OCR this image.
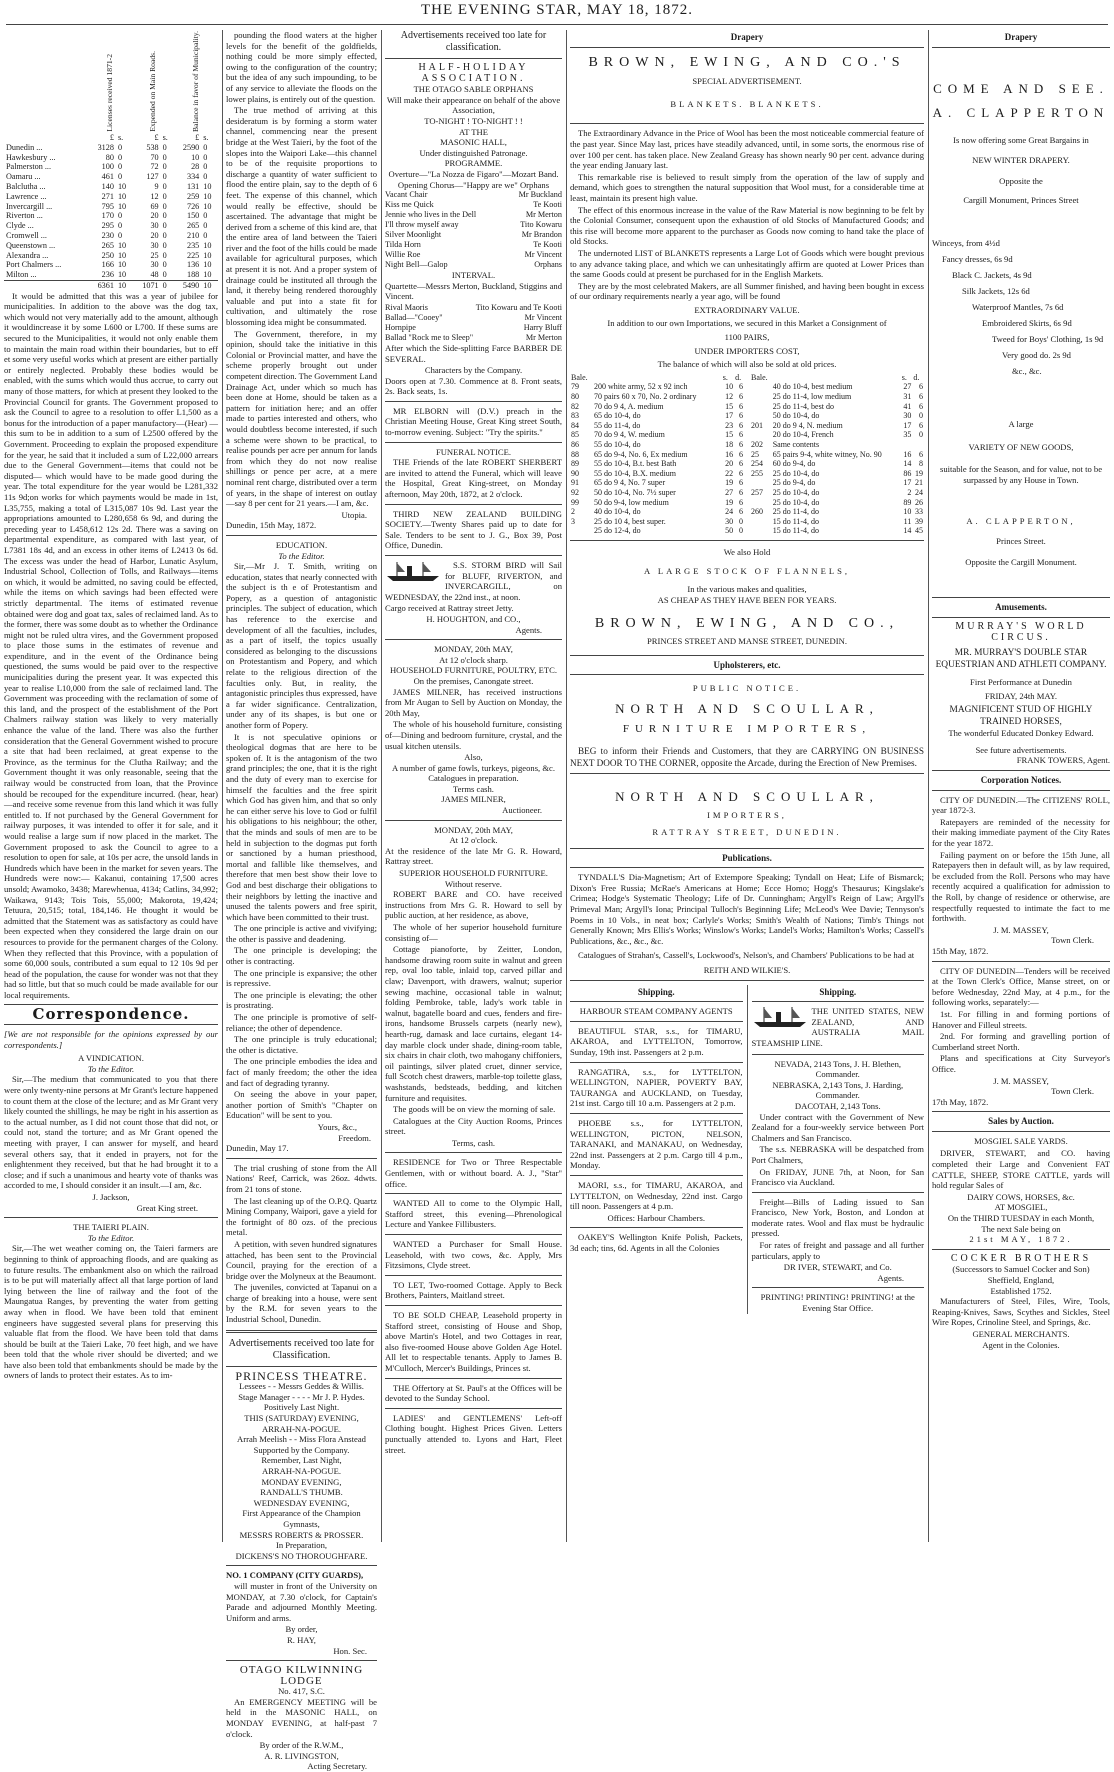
THE EVENING STAR, MAY 18, 1872.

	Licenses received 1871-2		Expended on Main Roads.		Balance in favor of Municipality.	

	£	s.	£	s.	£	s.
Dunedin ...	3128	0	538	0	2590	0
Hawkesbury ...	80	0	70	0	10	0
Palmerston ...	100	0	72	0	28	0
Oamaru ...	461	0	127	0	334	0
Balclutha ...	140	10	9	0	131	10
Lawrence ...	271	10	12	0	259	10
Invercargill ...	795	10	69	0	726	10
Riverton ...	170	0	20	0	150	0
Clyde ...	295	0	30	0	265	0
Cromwell ...	230	0	20	0	210	0
Queenstown ...	265	10	30	0	235	10
Alexandra ...	250	10	25	0	225	10
Port Chalmers ...	166	10	30	0	136	10
Milton ...	236	10	48	0	188	10
	6361	10	1071	0	5490	10

It would be admitted that this was a year of jubilee for municipalities. In addition to the above was the dog tax, which would not very materially add to the amount, although it wouldincrease it by some L600 or L700. If these sums are secured to the Municipalities, it would not only enable them to maintain the main road within their boundaries, but to eff et some very useful works which at present are either partially or entirely neglected. Probably these bodies would be enabled, with the sums which would thus accrue, to carry out many of those matters, for which at present they looked to the Provincial Council for grants. The Government proposed to ask the Council to agree to a resolution to offer L1,500 as a bonus for the introduction of a paper manufactory—(Hear) —this sum to be in addition to a sum of L2500 offered by the Government. Proceeding to explain the proposed expenditure for the year, he said that it included a sum of L22,000 arrears due to the General Government—items that could not be disputed— which would have to be made good during the year. The total expenditure for the year would be L281,332 11s 9d;on works for which payments would be made in 1st, L35,755, making a total of L315,087 10s 9d. Last year the appropriations amounted to L280,658 6s 9d, and during the preceding year to L458,612 12s 2d. There was a saving on departmental expenditure, as compared with last year, of L7381 18s 4d, and an excess in other items of L2413 0s 6d. The excess was under the head of Harbor, Lunatic Asylum, Industrial School, Collection of Tolls, and Railways—items on which, it would be admitted, no saving could be effected, while the items on which savings had been effected were strictly departmental. The items of estimated revenue obtained were dog and goat tax, sales of reclaimed land. As to the former, there was some doubt as to whether the Ordinance might not be ruled ultra vires, and the Government proposed to place those sums in the estimates of revenue and expenditure, and in the event of the Ordinance being questioned, the sums would be paid over to the respective municipalities during the present year. It was expected this year to realise L10,000 from the sale of reclaimed land. The Government was proceeding with the reclamation of some of this land, and the prospect of the establishment of the Port Chalmers railway station was likely to very materially enhance the value of the land. There was also the further consideration that the General Government wished to procure a site that had been reclaimed, at great expense to the Province, as the terminus for the Clutha Railway; and the Government thought it was only reasonable, seeing that the railway would be constructed from loan, that the Province should be recouped for the expenditure incurred. (hear, hear)—and receive some revenue from this land which it was fully entitled to. If not purchased by the General Government for railway purposes, it was intended to offer it for sale, and it would realise a large sum if now placed in the market. The Government proposed to ask the Council to agree to a resolution to open for sale, at 10s per acre, the unsold lands in Hundreds which have been in the market for seven years. The Hundreds were now:— Kakanui, containing 17,500 acres unsold; Awamoko, 3438; Marewhenua, 4134; Catlins, 34,992; Waikawa, 9143; Tois Tois, 55,000; Makorota, 19,424; Tetuura, 20,515; total, 184,146. He thought it would be admitted that the Statement was as satisfactory as could have been expected when they considered the large drain on our resources to provide for the permanent charges of the Colony. When they reflected that this Province, with a population of some 60,000 souls, contributed a sum equal to 12 10s 9d per head of the population, the cause for wonder was not that they had so little, but that so much could be made available for our local requirements.

Correspondence.

[We are not responsible for the opinions expressed by our correspondents.]

A VINDICATION.
To the Editor.

Sir,—The medium that communicated to you that there were only twenty-nine persons at Mr Grant's lecture happened to count them at the close of the lecture; and as Mr Grant very likely counted the shillings, he may be right in his assertion as to the actual number, as I did not count those that did not, or could not, stand the torture; and as Mr Grant opened the meeting with prayer, I can answer for myself, and heard several others say, that it ended in prayers, not for the enlightenment they received, but that he had brought it to a close; and if such a unanimous and hearty vote of thanks was accorded to me, I should consider it an insult.—I am, &c.

J. Jackson,
Great King street.
THE TAIERI PLAIN.
To the Editor.

Sir,—The wet weather coming on, the Taieri farmers are beginning to think of approaching floods, and are quaking as to future results. The embankment also on which the railroad is to be put will materially affect all that large portion of land lying between the line of railway and the foot of the Maungatua Ranges, by preventing the water from getting away when in flood. We have been told that eminent engineers have suggested several plans for preserving this valuable flat from the flood. We have been told that dams should be built at the Taieri Lake, 70 feet high, and we have been told that the whole river should be diverted; and we have also been told that embankments should be made by the owners of lands to protect their estates. As to im-

pounding the flood waters at the higher levels for the benefit of the goldfields, nothing could be more simply effected, owing to the configuration of the country; but the idea of any such impounding, to be of any service to alleviate the floods on the lower plains, is entirely out of the question.

The true method of arriving at this desideratum is by forming a storm water channel, commencing near the present bridge at the West Taieri, by the foot of the slopes into the Waipori Lake—this channel to be of the requisite proportions to discharge a quantity of water sufficient to flood the entire plain, say to the depth of 6 feet. The expense of this channel, which would really be effective, should be ascertained. The advantage that might be derived from a scheme of this kind are, that the entire area of land between the Taieri river and the foot of the hills could be made available for agricultural purposes, which at present it is not. And a proper system of drainage could be instituted all through the land, it thereby being rendered thoroughly valuable and put into a state fit for cultivation, and ultimately the rose blossoming idea might be consummated.

The Government, therefore, in my opinion, should take the initiative in this Colonial or Provincial matter, and have the scheme properly brought out under competent direction. The Government Land Drainage Act, under which so much has been done at Home, should be taken as a pattern for initiation here; and an offer made to parties interested and others, who would doubtless become interested, if such a scheme were shown to be practical, to realise pounds per acre per annum for lands from which they do not now realise shillings or pence per acre, at a mere nominal rent charge, distributed over a term of years, in the shape of interest on outlay—say 8 per cent for 21 years.—I am, &c.

Utopia.
Dunedin, 15th May, 1872.
EDUCATION.
To the Editor.

Sir,—Mr J. T. Smith, writing on education, states that nearly connected with the subject is th e of Protestantism and Popery, as a question of antagonistic principles. The subject of education, which has reference to the exercise and development of all the faculties, includes, as a part of itself, the topics usually considered as belonging to the discussions on Protestantism and Popery, and which relate to the religious direction of the faculties only. But, in reality, the antagonistic principles thus expressed, have a far wider significance. Centralization, under any of its shapes, is but one or another form of Popery.

It is not speculative opinions or theological dogmas that are here to be spoken of. It is the antagonism of the two grand principles; the one, that it is the right and the duty of every man to exercise for himself the faculties and the free spirit which God has given him, and that so only he can either serve his love to God or fulfil his obligations to his neighbour; the other, that the minds and souls of men are to be held in subjection to the dogmas put forth or sanctioned by a human priesthood, mortal and fallible like themselves, and therefore that men best show their love to God and best discharge their obligations to their neighbors by letting the inactive and unused the talents powers and free spirit, which have been committed to their trust.

The one principle is active and vivifying; the other is passive and deadening.

The one principle is developing; the other is contracting.

The one principle is expansive; the other is repressive.

The one principle is elevating; the other is prostrating.

The one principle is promotive of self-reliance; the other of dependence.

The one principle is truly educational; the other is dictative.

The one principle embodies the idea and fact of manly freedom; the other the idea and fact of degrading tyranny.

On seeing the above in your paper, another portion of Smith's "Chapter on Education" will be sent to you.

Yours, &c.,
Freedom.
Dunedin, May 17.

The trial crushing of stone from the All Nations' Reef, Carrick, was 26oz. 4dwts. from 21 tons of stone.

The last cleaning up of the O.P.Q. Quartz Mining Company, Waipori, gave a yield for the fortnight of 80 ozs. of the precious metal.

A petition, with seven hundred signatures attached, has been sent to the Provincial Council, praying for the erection of a bridge over the Molyneux at the Beaumont.

The juveniles, convicted at Tapanui on a charge of breaking into a house, were sent by the R.M. for seven years to the Industrial School, Dunedin.

Advertisements received too late for Classification.
PRINCESS THEATRE.
Lessees - - Messrs Geddes & Willis.
Stage Manager - - - - Mr J. P. Hydes.
Positively Last Night.
THIS (SATURDAY) EVENING,
ARRAH-NA-POGUE.
Arrah Meelish - - Miss Flora Anstead
Supported by the Company.
Remember, Last Night,
ARRAH-NA-POGUE.
MONDAY EVENING,
RANDALL'S THUMB.
WEDNESDAY EVENING,
First Appearance of the Champion Gymnasts,
MESSRS ROBERTS & PROSSER.
In Preparation,
DICKENS'S NO THOROUGHFARE.
NO. 1 COMPANY (CITY GUARDS),

will muster in front of the University on MONDAY, at 7.30 o'clock, for Captain's Parade and adjourned Monthly Meeting. Uniform and arms.

By order,
R. HAY,
Hon. Sec.
OTAGO KILWINNING LODGE
No. 417, S.C.

An EMERGENCY MEETING will be held in the MASONIC HALL, on MONDAY EVENING, at half-past 7 o'clock.

By order of the R.W.M.,
A. R. LIVINGSTON,
Acting Secretary.
Advertisements received too late for classification.
HALF-HOLIDAY ASSOCIATION.
THE OTAGO SABLE ORPHANS
Will make their appearance on behalf of the above Association,
TO-NIGHT ! TO-NIGHT ! !
AT THE
MASONIC HALL,
Under distinguished Patronage.
PROGRAMME.
Overture—"La Nozza de Figaro"—Mozart Band.
Opening Chorus—"Happy are we" Orphans
Vacant Chair	Mr Buckland
Kiss me Quick	Te Kooti
Jennie who lives in the Dell	Mr Merton
I'll throw myself away	Tito Kowaru
Silver Moonlight	Mr Brandon
Tilda Horn	Te Kooti
Willie Roe	Mr Vincent
Night Bell—Galop	Orphans
INTERVAL.

Quartette—Messrs Merton, Buckland, Stiggins and Vincent.

Rival Maoris	Tito Kowaru and Te Kooti
Ballad—"Cooey"	Mr Vincent
Hornpipe	Harry Bluff
Ballad "Rock me to Sleep"	Mr Merton

After which the Side-splitting Farce BARBER DE SEVERAL.

Characters by the Company.

Doors open at 7.30. Commence at 8. Front seats, 2s. Back seats, 1s.

MR ELBORN will (D.V.) preach in the Christian Meeting House, Great King street South, to-morrow evening. Subject: "Try the spirits."

FUNERAL NOTICE.

THE Friends of the late ROBERT SHERBERT are invited to attend the Funeral, which will leave the Hospital, Great King-street, on Monday afternoon, May 20th, 1872, at 2 o'clock.

THIRD NEW ZEALAND BUILDING SOCIETY.—Twenty Shares paid up to date for Sale. Tenders to be sent to J. G., Box 39, Post Office, Dunedin.

S.S. STORM BIRD will Sail for BLUFF, RIVERTON, and INVERCARGILL, on WEDNESDAY, the 22nd inst., at noon.

Cargo received at Rattray street Jetty.
H. HOUGHTON, and CO.,
Agents.
MONDAY, 20th MAY,
At 12 o'clock sharp.
HOUSEHOLD FURNITURE, POULTRY, ETC.
On the premises, Canongate street.

JAMES MILNER, has received instructions from Mr Augan to Sell by Auction on Monday, the 20th May,

The whole of his household furniture, consisting of—Dining and bedroom furniture, crystal, and the usual kitchen utensils.

Also,
A number of game fowls, turkeys, pigeons, &c.
Catalogues in preparation.
Terms cash.
JAMES MILNER,
Auctioneer.
MONDAY, 20th MAY,
At 12 o'clock.

At the residence of the late Mr G. R. Howard, Rattray street.

SUPERIOR HOUSEHOLD FURNITURE.
Without reserve.

ROBERT BARE and CO. have received instructions from Mrs G. R. Howard to sell by public auction, at her residence, as above,

The whole of her superior household furniture consisting of—

Cottage pianoforte, by Zeitter, London, handsome drawing room suite in walnut and green rep, oval loo table, inlaid top, carved pillar and claw; Davenport, with drawers, walnut; superior sewing machine, occasional table in walnut; folding Pembroke, table, lady's work table in walnut, bagatelle board and cues, fenders and fire-irons, handsome Brussels carpets (nearly new), hearth-rug, damask and lace curtains, elegant 14-day marble clock under shade, dining-room table, six chairs in chair cloth, two mahogany chiffoniers, oil paintings, silver plated cruet, dinner service, full Scotch chest drawers, marble-top toilette glass, washstands, bedsteads, bedding, and kitchen furniture and requisites.

The goods will be on view the morning of sale.

Catalogues at the City Auction Rooms, Princes street.

Terms, cash.

RESIDENCE for Two or Three Respectable Gentlemen, with or without board. A. J., "Star" office.

WANTED All to come to the Olympic Hall, Stafford street, this evening—Phrenological Lecture and Yankee Fillibusters.

WANTED a Purchaser for Small House. Leasehold, with two cows, &c. Apply, Mrs Fitzsimons, Clyde street.

TO LET, Two-roomed Cottage. Apply to Beck Brothers, Painters, Maitland street.

TO BE SOLD CHEAP, Leasehold property in Stafford street, consisting of House and Shop, above Martin's Hotel, and two Cottages in rear, also five-roomed House above Golden Age Hotel. All let to respectable tenants. Apply to James B. M'Culloch, Mercer's Buildings, Princes st.

THE Offertory at St. Paul's at the Offices will be devoted to the Sunday School.

LADIES' and GENTLEMENS' Left-off Clothing bought. Highest Prices Given. Letters punctually attended to. Lyons and Hart, Fleet street.

Drapery
BROWN, EWING, AND CO.'S
SPECIAL ADVERTISEMENT.
BLANKETS. BLANKETS.

The Extraordinary Advance in the Price of Wool has been the most noticeable commercial feature of the past year. Since May last, prices have steadily advanced, until, in some sorts, the enormous rise of over 100 per cent. has taken place. New Zealand Greasy has shown nearly 90 per cent. advance during the year ending January last.

This remarkable rise is believed to result simply from the operation of the law of supply and demand, which goes to strengthen the natural supposition that Wool must, for a considerable time at least, maintain its present high value.

The effect of this enormous increase in the value of the Raw Material is now beginning to be felt by the Colonial Consumer, consequent upon the exhaustion of old Stocks of Manufactured Goods; and this rise will become more apparent to the purchaser as Goods now coming to hand take the place of old Stocks.

The undernoted LIST of BLANKETS represents a Large Lot of Goods which were bought previous to any advance taking place, and which we can unhesitatingly affirm are quoted at Lower Prices than the same Goods could at present be purchased for in the English Markets.

They are by the most celebrated Makers, are all Summer finished, and having been bought in excess of our ordinary requirements nearly a year ago, will be found

EXTRAORDINARY VALUE.
In addition to our own Importations, we secured in this Market a Consignment of
1100 PAIRS,
UNDER IMPORTERS COST,
The balance of which will also be sold at old prices.
Bale.		s.	d.
79	200 white army, 52 x 92 inch	10	6
80	70 pairs 60 x 70, No. 2 ordinary	12	6
82	70 do 9 4, A. medium	15	6
83	65 do 10-4, do	17	6
84	55 do 11-4, do	23	6
85	70 do 9 4, W. medium	15	6
86	55 do 10-4, do	18	6
88	65 do 9-4, No. 6, Ex medium	16	6
89	55 do 10-4, B.t. best Bath	20	6
90	55 do 10-4, B.X. medium	22	6
91	65 do 9 4, No. 7 super	19	6
92	50 do 10-4, No. 7½ super	27	6
99	50 do 9-4, low medium	19	6
2	40 do 10-4, do	24	6
3	25 do 10 4, best super.	30	0
	25 do 12-4, do	50	0
Bale.		s.	d.
	40 do 10-4, best medium	27	6
	25 do 11-4, low medium	31	6
	25 do 11-4, best do	41	6
	50 do 10-4, do	30	0
201	20 do 9 4, N. medium	17	6
	20 do 10-4, French	35	0
202	Same contents		
25	65 pairs 9-4, white witney, No. 90	16	6
254	60 do 9-4, do	14	8
255	25 do 10-4, do	86	19
	25 do 9-4, do	17	21
257	25 do 10-4, do	2	24
	25 do 10-4, do	89	26
260	25 do 11-4, do	10	33
	15 do 11-4, do	11	39
	15 do 11-4, do	14	45
We also Hold
A LARGE STOCK OF FLANNELS,
In the various makes and qualities,
AS CHEAP AS THEY HAVE BEEN FOR YEARS.
BROWN, EWING, AND CO.,
PRINCES STREET AND MANSE STREET, DUNEDIN.
Upholsterers, etc.
PUBLIC NOTICE.
NORTH AND SCOULLAR,
FURNITURE IMPORTERS,

BEG to inform their Friends and Customers, that they are CARRYING ON BUSINESS NEXT DOOR TO THE CORNER, opposite the Arcade, during the Erection of New Premises.

NORTH AND SCOULLAR,
IMPORTERS,
RATTRAY STREET, DUNEDIN.
Publications.

TYNDALL'S Dia-Magnetism; Art of Extempore Speaking; Tyndall on Heat; Life of Bismarck; Dixon's Free Russia; McRae's Americans at Home; Ecce Homo; Hogg's Thesaurus; Kingslake's Crimea; Hodge's Systematic Theology; Life of Dr. Cunningham; Argyll's Reign of Law; Argyll's Primeval Man; Argyll's Iona; Principal Tulloch's Beginning Life; McLeod's Wee Davie; Tennyson's Poems in 10 Vols., in neat box; Carlyle's Works; Smith's Wealth of Nations; Timb's Things not Generally Known; Mrs Ellis's Works; Winslow's Works; Landel's Works; Hamilton's Works; Cassell's Publications, &c., &c., &c.

Catalogues of Strahan's, Cassell's, Lockwood's, Nelson's, and Chambers' Publications to be had at

REITH AND WILKIE'S.
Shipping.
HARBOUR STEAM COMPANY AGENTS

BEAUTIFUL STAR, s.s., for TIMARU, AKAROA, and LYTTELTON, Tomorrow, Sunday, 19th inst. Passengers at 2 p.m.

RANGATIRA, s.s., for LYTTELTON, WELLINGTON, NAPIER, POVERTY BAY, TAURANGA and AUCKLAND, on Tuesday, 21st inst. Cargo till 10 a.m. Passengers at 2 p.m.

PHOEBE s.s., for LYTTELTON, WELLINGTON, PICTON, NELSON, TARANAKI, and MANAKAU, on Wednesday, 22nd inst. Passengers at 2 p.m. Cargo till 4 p.m., Monday.

MAORI, s.s., for TIMARU, AKAROA, and LYTTELTON, on Wednesday, 22nd inst. Cargo till noon. Passengers at 4 p.m.

Offices: Harbour Chambers.

OAKEY'S Wellington Knife Polish, Packets, 3d each; tins, 6d. Agents in all the Colonies

Shipping.

THE UNITED STATES, NEW ZEALAND, AND AUSTRALIA MAIL STEAMSHIP LINE.

NEVADA, 2143 Tons, J. H. Blethen, Commander.
NEBRASKA, 2,143 Tons, J. Harding, Commander.
DACOTAH, 2,143 Tons.

Under contract with the Government of New Zealand for a four-weekly service between Port Chalmers and San Francisco.

The s.s. NEBRASKA will be despatched from Port Chalmers,

On FRIDAY, JUNE 7th, at Noon, for San Francisco via Auckland.

Freight—Bills of Lading issued to San Francisco, New York, Boston, and London at moderate rates. Wool and flax must be hydraulic pressed.

For rates of freight and passage and all further particulars, apply to

DR IVER, STEWART, and Co.
Agents.
PRINTING! PRINTING! PRINTING! at the Evening Star Office.
Drapery
COME AND SEE.
A. CLAPPERTON
Is now offering some Great Bargains in
NEW WINTER DRAPERY.
Opposite the
Cargill Monument, Princes Street
Winceys, from 4½d
Fancy dresses, 6s 9d
Black C. Jackets, 4s 9d
Silk Jackets, 12s 6d
Waterproof Mantles, 7s 6d
Embroidered Skirts, 6s 9d
Tweed for Boys' Clothing, 1s 9d
Very good do. 2s 9d
&c., &c.
A large
VARIETY OF NEW GOODS,
suitable for the Season, and for value, not to be surpassed by any House in Town.
A. CLAPPERTON,
Princes Street.
Opposite the Cargill Monument.
Amusements.
MURRAY'S WORLD CIRCUS.
MR. MURRAY'S DOUBLE STAR EQUESTRIAN AND ATHLETI COMPANY.
First Performance at Dunedin
FRIDAY, 24th MAY.
MAGNIFICENT STUD OF HIGHLY TRAINED HORSES,
The wonderful Educated Donkey Edward.
See future advertisements.
FRANK TOWERS, Agent.
Corporation Notices.

CITY OF DUNEDIN.—The CITIZENS' ROLL, year 1872-3.

Ratepayers are reminded of the necessity for their making immediate payment of the City Rates for the year 1872.

Failing payment on or before the 15th June, all Ratepayers then in default will, as by law required, be excluded from the Roll. Persons who may have recently acquired a qualification for admission to the Roll, by change of residence or otherwise, are respectfully requested to intimate the fact to me forthwith.

J. M. MASSEY,
Town Clerk.
15th May, 1872.

CITY OF DUNEDIN—Tenders will be received at the Town Clerk's Office, Manse street, on or before Wednesday, 22nd May, at 4 p.m., for the following works, separately:—

1st. For filling in and forming portions of Hanover and Filleul streets.

2nd. For forming and gravelling portion of Cumberland street North.

Plans and specifications at City Surveyor's Office.

J. M. MASSEY,
Town Clerk.
17th May, 1872.
Sales by Auction.
MOSGIEL SALE YARDS.

DRIVER, STEWART, and CO. having completed their Large and Convenient FAT CATTLE, SHEEP, STORE CATTLE, yards will hold regular Sales of

DAIRY COWS, HORSES, &c.
AT MOSGIEL,
On the THIRD TUESDAY in each Month,
The next Sale being on
21st MAY, 1872.
COCKER BROTHERS
(Successors to Samuel Cocker and Son)
Sheffield, England,
Established 1752.

Manufacturers of Steel, Files, Wire, Tools, Reaping-Knives, Saws, Scythes and Sickles, Steel Wire Ropes, Crinoline Steel, and Springs, &c.

GENERAL MERCHANTS.
Agent in the Colonies.
